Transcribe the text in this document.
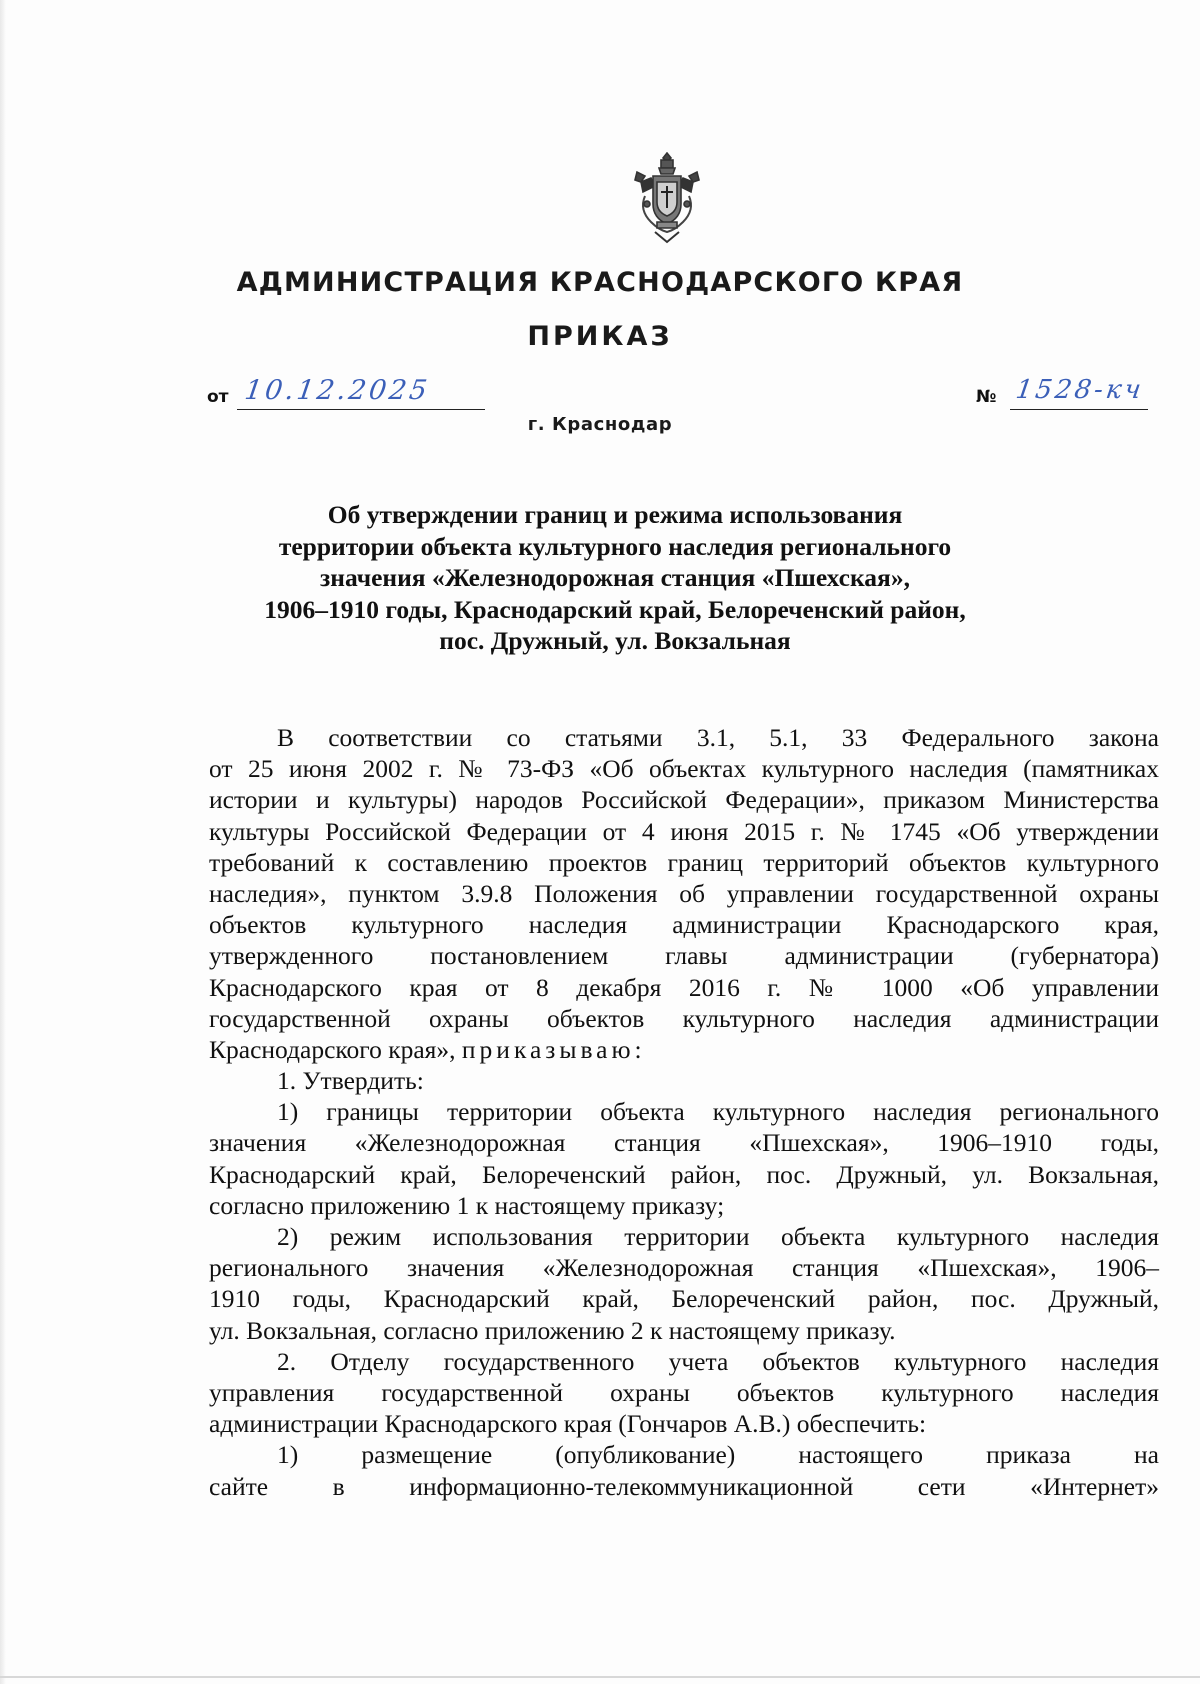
АДМИНИСТРАЦИЯ КРАСНОДАРСКОГО КРАЯ
ПРИКАЗ
от 10.12.2025	№ 1528-кч
г. Краснодар
Об утверждении границ и режима использования
территории объекта культурного наследия регионального
значения «Железнодорожная станция «Пшехская»,
1906–1910 годы, Краснодарский край, Белореченский район,
пос. Дружный, ул. Вокзальная
В соответствии со статьями 3.1, 5.1, 33 Федерального закона
от 25 июня 2002 г. № 73-ФЗ «Об объектах культурного наследия (памятниках
истории и культуры) народов Российской Федерации», приказом Министерства
культуры Российской Федерации от 4 июня 2015 г. № 1745 «Об утверждении
требований к составлению проектов границ территорий объектов культурного
наследия», пунктом 3.9.8 Положения об управлении государственной охраны
объектов культурного наследия администрации Краснодарского края,
утвержденного постановлением главы администрации (губернатора)
Краснодарского края от 8 декабря 2016 г. № 1000 «Об управлении
государственной охраны объектов культурного наследия администрации
Краснодарского края», приказываю:
1. Утвердить:
1) границы территории объекта культурного наследия регионального
значения «Железнодорожная станция «Пшехская», 1906–1910 годы,
Краснодарский край, Белореченский район, пос. Дружный, ул. Вокзальная,
согласно приложению 1 к настоящему приказу;
2) режим использования территории объекта культурного наследия
регионального значения «Железнодорожная станция «Пшехская», 1906–
1910 годы, Краснодарский край, Белореченский район, пос. Дружный,
ул. Вокзальная, согласно приложению 2 к настоящему приказу.
2. Отделу государственного учета объектов культурного наследия
управления государственной охраны объектов культурного наследия
администрации Краснодарского края (Гончаров А.В.) обеспечить:
1) размещение (опубликование) настоящего приказа на
сайте в информационно-телекоммуникационной сети «Интернет»
